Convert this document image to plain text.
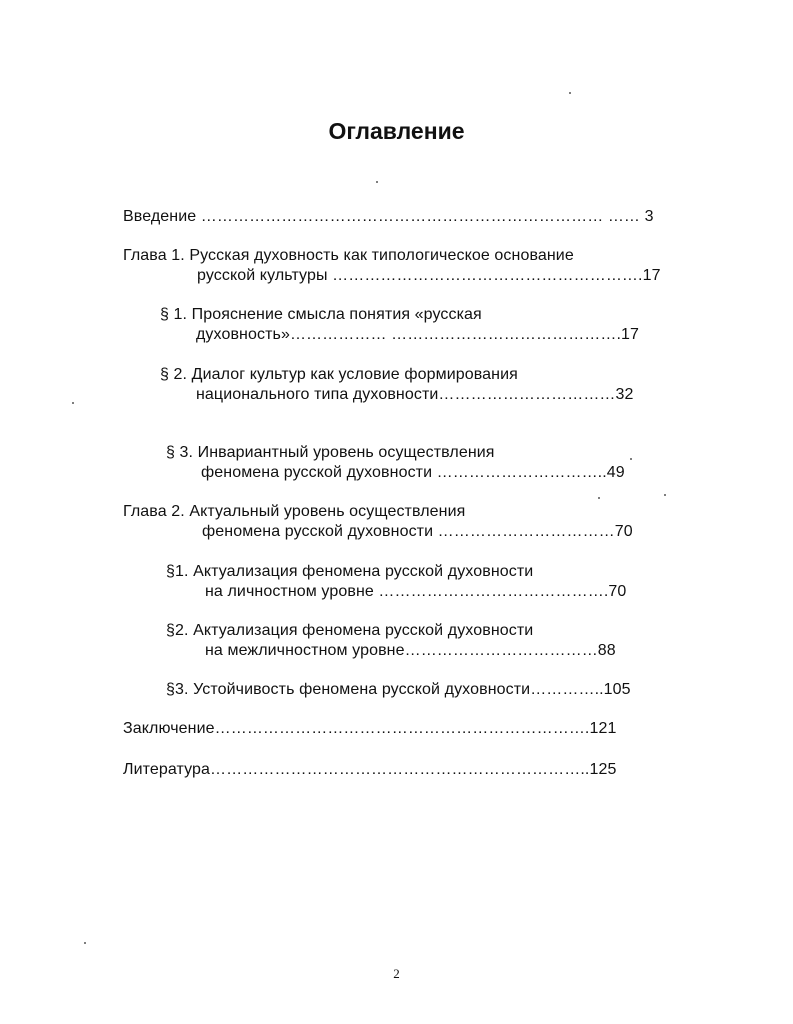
Оглавление
Введение ………………………………………………………………… …… 3
Глава 1. Русская духовность как типологическое основание
русской культуры ………………………………………………….17
§ 1. Прояснение смысла понятия «русская
духовность»……………… …………………………………….17
§ 2. Диалог культур как условие формирования
национального типа духовности……………………………32
§ 3. Инвариантный уровень осуществления
феномена русской духовности …………………………..49
Глава 2. Актуальный уровень осуществления
феномена русской духовности ……………………………70
§1. Актуализация феномена русской духовности
на личностном уровне …………………………………….70
§2. Актуализация феномена русской духовности
на межличностном уровне………………………………88
§3. Устойчивость феномена русской духовности…………..105
Заключение…………………………………………………………….121
Литература……………………………………………………………..125
2
